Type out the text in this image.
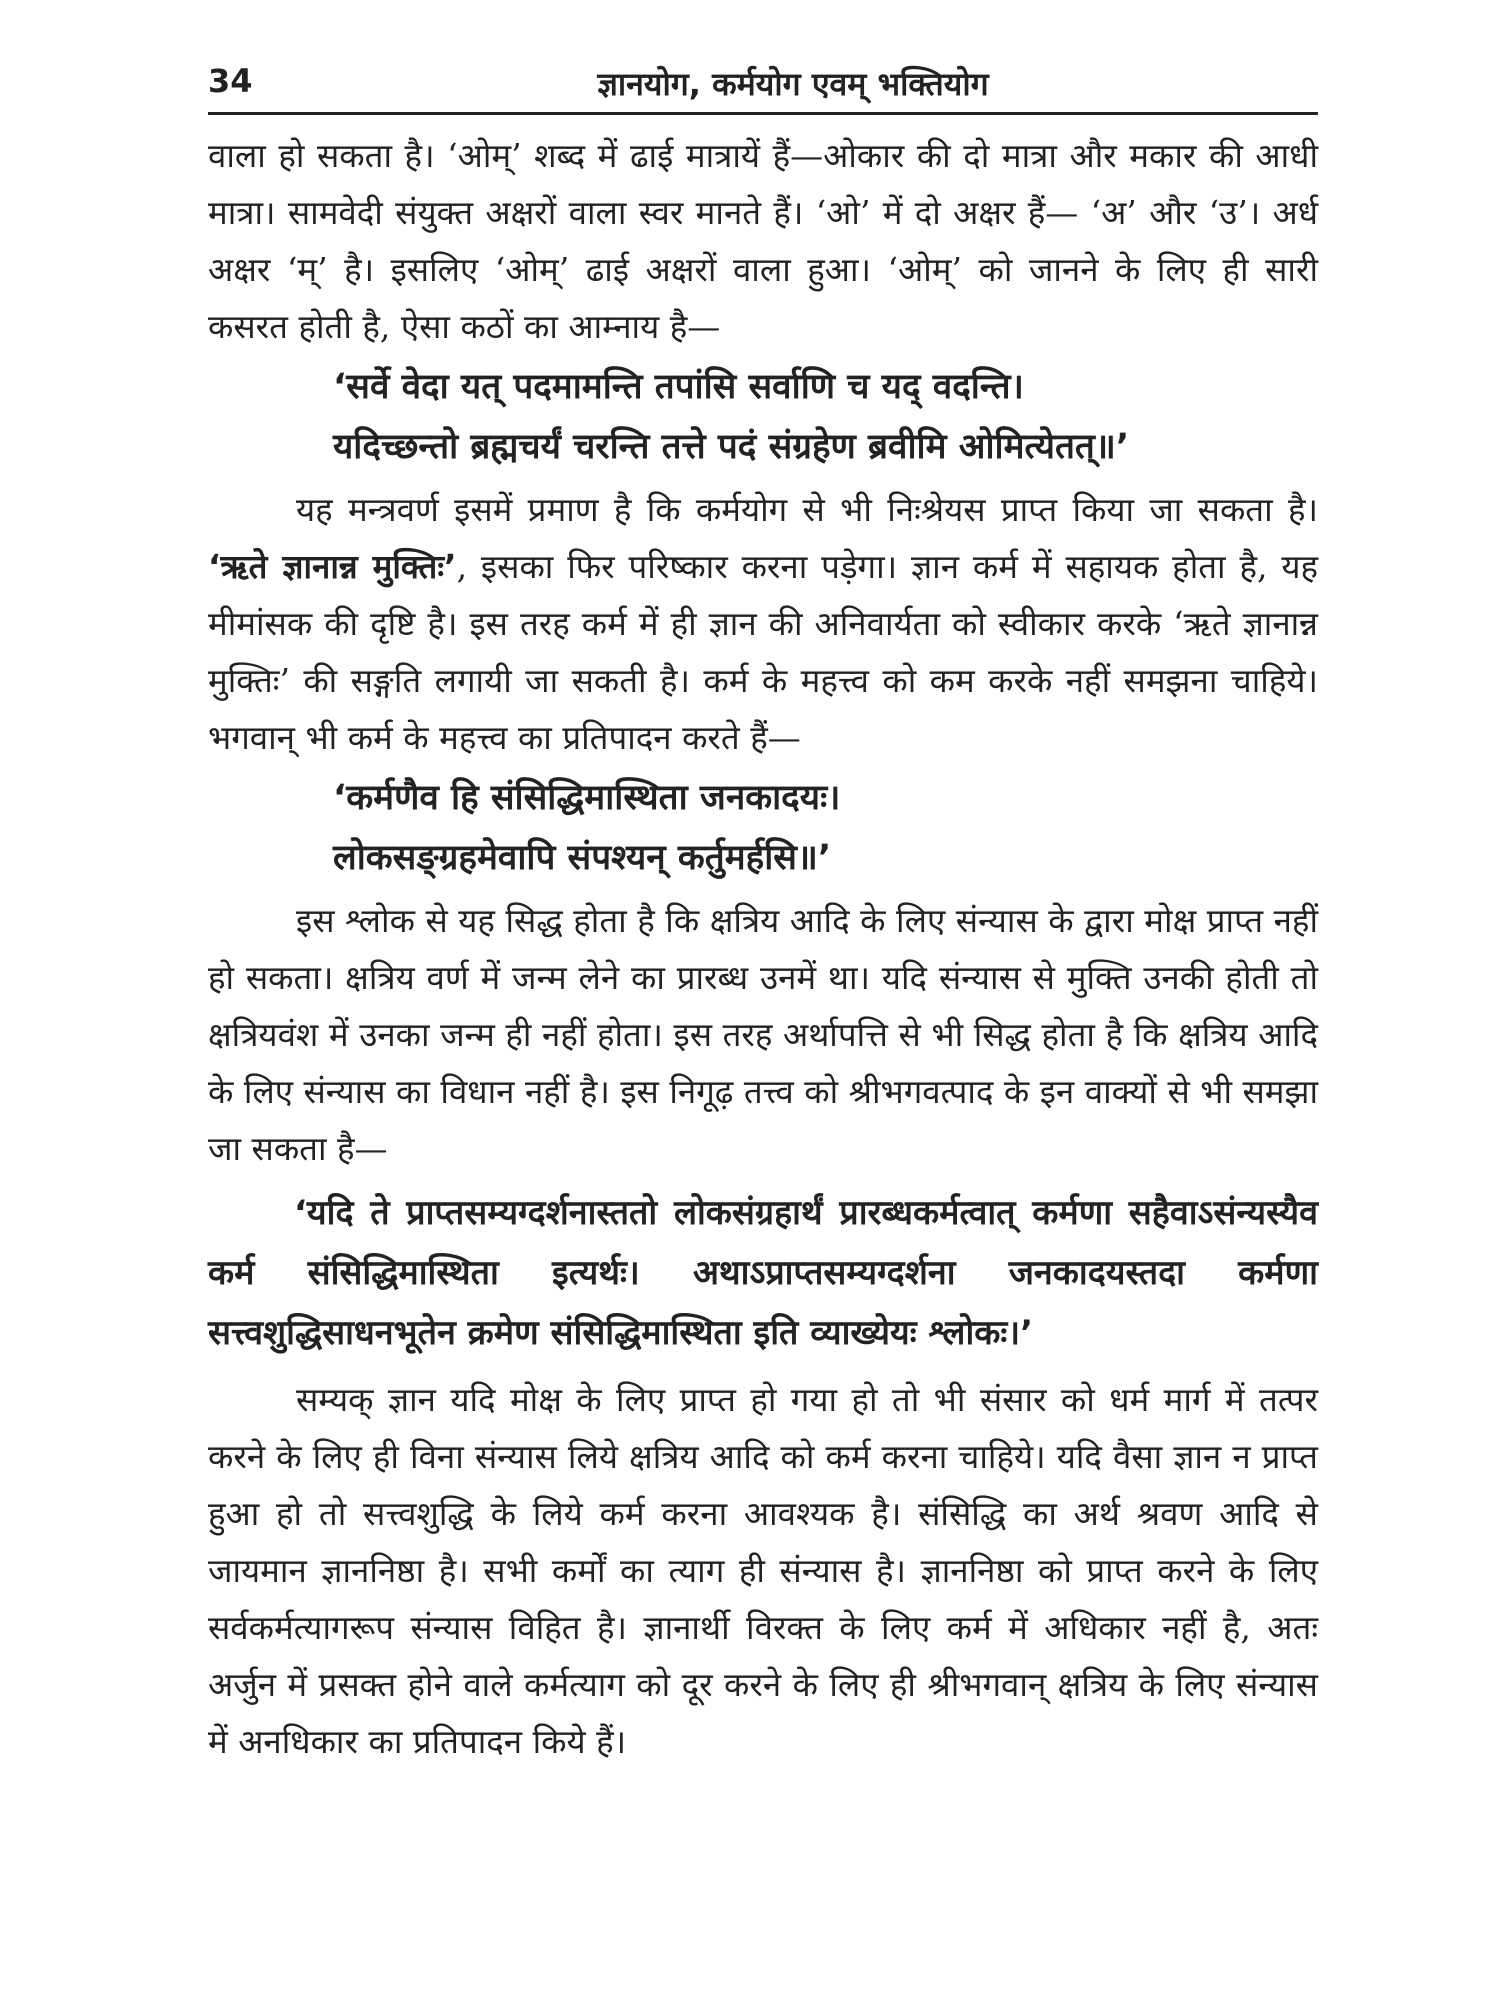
34	ज्ञानयोग, कर्मयोग एवम् भक्तियोग

वाला हो सकता है। ‘ओम्’ शब्द में ढाई मात्रायें हैं—ओकार की दो मात्रा और मकार की आधी मात्रा। सामवेदी संयुक्त अक्षरों वाला स्वर मानते हैं। ‘ओ’ में दो अक्षर हैं— ‘अ’ और ‘उ’। अर्ध अक्षर ‘म्’ है। इसलिए ‘ओम्’ ढाई अक्षरों वाला हुआ। ‘ओम्’ को जानने के लिए ही सारी कसरत होती है, ऐसा कठों का आम्नाय है—

‘सर्वे वेदा यत् पदमामन्ति तपांसि सर्वाणि च यद् वदन्ति।

यदिच्छन्तो ब्रह्मचर्यं चरन्ति तत्ते पदं संग्रहेण ब्रवीमि ओमित्येतत्॥’

यह मन्त्रवर्ण इसमें प्रमाण है कि कर्मयोग से भी निःश्रेयस प्राप्त किया जा सकता है। ‘ऋते ज्ञानान्न मुक्तिः’, इसका फिर परिष्कार करना पड़ेगा। ज्ञान कर्म में सहायक होता है, यह मीमांसक की दृष्टि है। इस तरह कर्म में ही ज्ञान की अनिवार्यता को स्वीकार करके ‘ऋते ज्ञानान्न मुक्तिः’ की सङ्गति लगायी जा सकती है। कर्म के महत्त्व को कम करके नहीं समझना चाहिये। भगवान् भी कर्म के महत्त्व का प्रतिपादन करते हैं—

‘कर्मणैव हि संसिद्धिमास्थिता जनकादयः।

लोकसङ्ग्रहमेवापि संपश्यन् कर्तुमर्हसि॥’

इस श्लोक से यह सिद्ध होता है कि क्षत्रिय आदि के लिए संन्यास के द्वारा मोक्ष प्राप्त नहीं हो सकता। क्षत्रिय वर्ण में जन्म लेने का प्रारब्ध उनमें था। यदि संन्यास से मुक्ति उनकी होती तो क्षत्रियवंश में उनका जन्म ही नहीं होता। इस तरह अर्थापत्ति से भी सिद्ध होता है कि क्षत्रिय आदि के लिए संन्यास का विधान नहीं है। इस निगूढ़ तत्त्व को श्रीभगवत्पाद के इन वाक्यों से भी समझा जा सकता है—

‘यदि ते प्राप्तसम्यग्दर्शनास्ततो लोकसंग्रहार्थं प्रारब्धकर्मत्वात् कर्मणा सहैवाऽसंन्यस्यैव कर्म संसिद्धिमास्थिता इत्यर्थः। अथाऽप्राप्तसम्यग्दर्शना जनकादयस्तदा कर्मणा सत्त्वशुद्धिसाधनभूतेन क्रमेण संसिद्धिमास्थिता इति व्याख्येयः श्लोकः।’

सम्यक् ज्ञान यदि मोक्ष के लिए प्राप्त हो गया हो तो भी संसार को धर्म मार्ग में तत्पर करने के लिए ही विना संन्यास लिये क्षत्रिय आदि को कर्म करना चाहिये। यदि वैसा ज्ञान न प्राप्त हुआ हो तो सत्त्वशुद्धि के लिये कर्म करना आवश्यक है। संसिद्धि का अर्थ श्रवण आदि से जायमान ज्ञाननिष्ठा है। सभी कर्मों का त्याग ही संन्यास है। ज्ञाननिष्ठा को प्राप्त करने के लिए सर्वकर्मत्यागरूप संन्यास विहित है। ज्ञानार्थी विरक्त के लिए कर्म में अधिकार नहीं है, अतः अर्जुन में प्रसक्त होने वाले कर्मत्याग को दूर करने के लिए ही श्रीभगवान् क्षत्रिय के लिए संन्यास में अनधिकार का प्रतिपादन किये हैं।
